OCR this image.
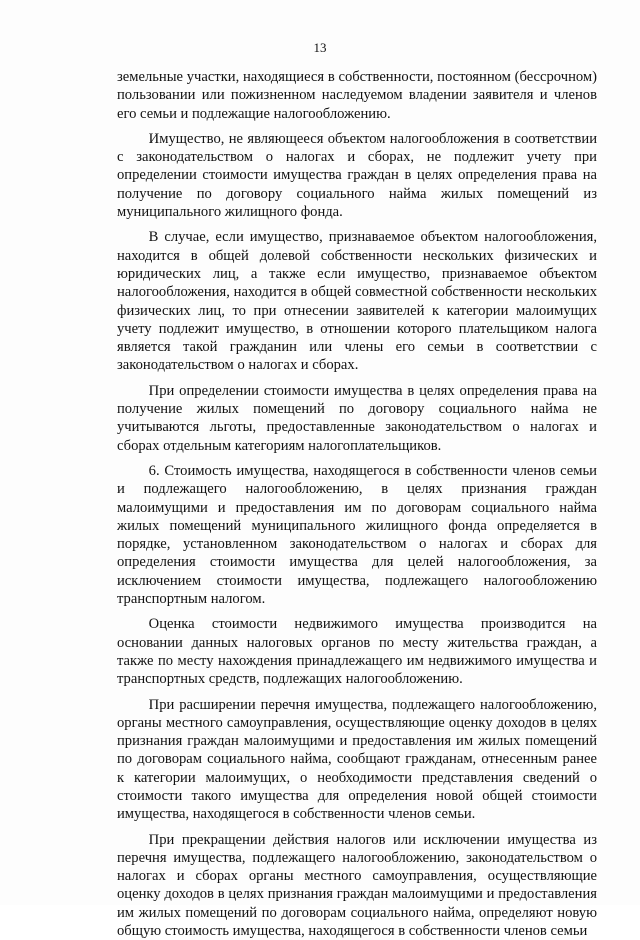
13

земельные участки, находящиеся в собственности, постоянном (бессрочном) пользовании или пожизненном наследуемом владении заявителя и членов его семьи и подлежащие налогообложению.

Имущество, не являющееся объектом налогообложения в соответствии с законодательством о налогах и сборах, не подлежит учету при определении стоимости имущества граждан в целях определения права на получение по договору социального найма жилых помещений из муниципального жилищного фонда.

В случае, если имущество, признаваемое объектом налогообложения, находится в общей долевой собственности нескольких физических и юридических лиц, а также если имущество, признаваемое объектом налогообложения, находится в общей совместной собственности нескольких физических лиц, то при отнесении заявителей к категории малоимущих учету подлежит имущество, в отношении которого плательщиком налога является такой гражданин или члены его семьи в соответствии с законодательством о налогах и сборах.

При определении стоимости имущества в целях определения права на получение жилых помещений по договору социального найма не учитываются льготы, предоставленные законодательством о налогах и сборах отдельным категориям налогоплательщиков.

6. Стоимость имущества, находящегося в собственности членов семьи и подлежащего налогообложению, в целях признания граждан малоимущими и предоставления им по договорам социального найма жилых помещений муниципального жилищного фонда определяется в порядке, установленном законодательством о налогах и сборах для определения стоимости имущества для целей налогообложения, за исключением стоимости имущества, подлежащего налогообложению транспортным налогом.

Оценка стоимости недвижимого имущества производится на основании данных налоговых органов по месту жительства граждан, а также по месту нахождения принадлежащего им недвижимого имущества и транспортных средств, подлежащих налогообложению.

При расширении перечня имущества, подлежащего налогообложению, органы местного самоуправления, осуществляющие оценку доходов в целях признания граждан малоимущими и предоставления им жилых помещений по договорам социального найма, сообщают гражданам, отнесенным ранее к категории малоимущих, о необходимости представления сведений о стоимости такого имущества для определения новой общей стоимости имущества, находящегося в собственности членов семьи.

При прекращении действия налогов или исключении имущества из перечня имущества, подлежащего налогообложению, законодательством о налогах и сборах органы местного самоуправления, осуществляющие оценку доходов в целях признания граждан малоимущими и предоставления им жилых помещений по договорам социального найма, определяют новую общую стоимость имущества, находящегося в собственности членов семьи
